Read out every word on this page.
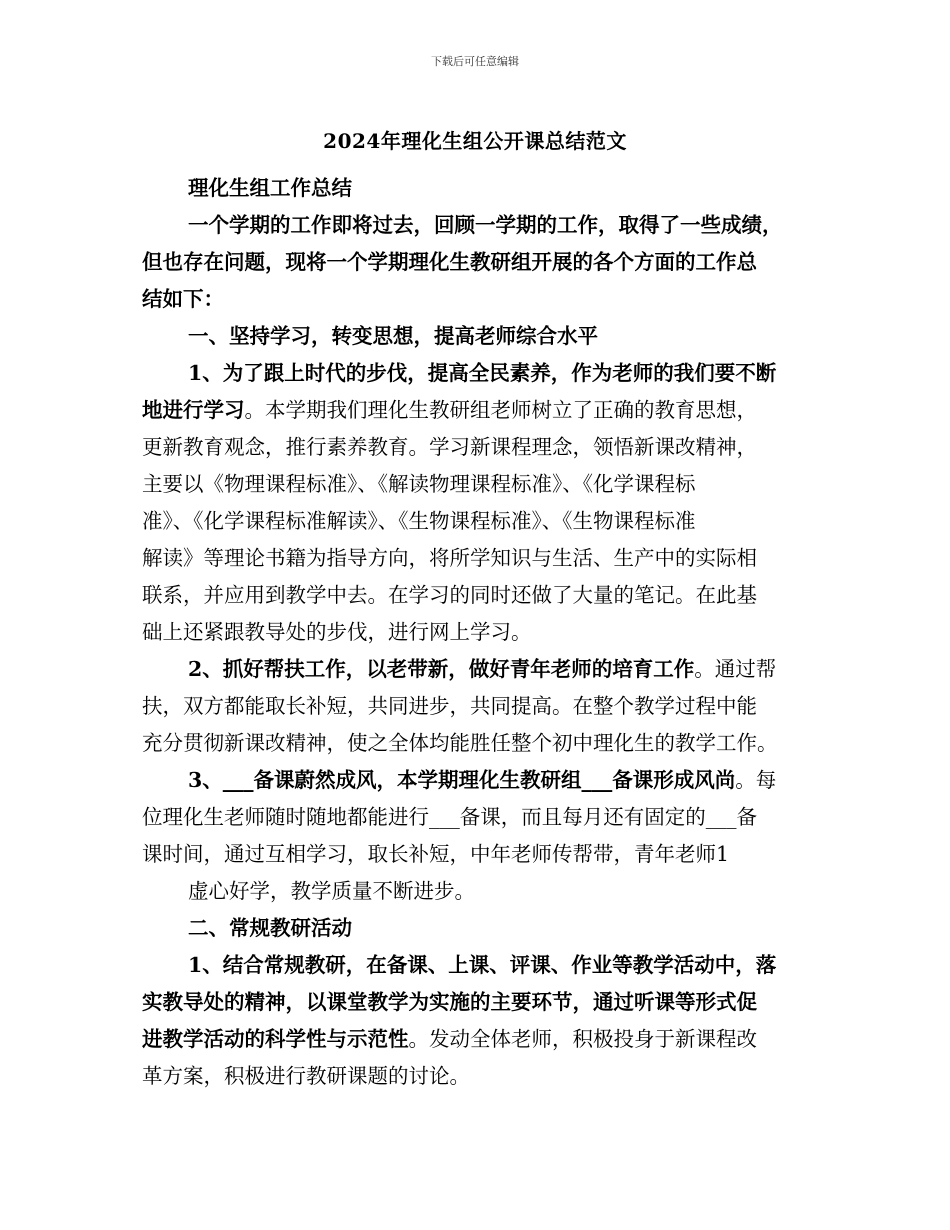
下载后可任意编辑
2024年理化生组公开课总结范文
理化生组工作总结
一个学期的工作即将过去，回顾一学期的工作，取得了一些成绩，
但也存在问题，现将一个学期理化生教研组开展的各个方面的工作总
结如下：
一、坚持学习，转变思想，提高老师综合水平
1、为了跟上时代的步伐，提高全民素养，作为老师的我们要不断
地进行学习。本学期我们理化生教研组老师树立了正确的教育思想，
更新教育观念，推行素养教育。学习新课程理念，领悟新课改精神，
主要以《物理课程标准》、《解读物理课程标准》、《化学课程标
准》、《化学课程标准解读》、《生物课程标准》、《生物课程标准
解读》等理论书籍为指导方向，将所学知识与生活、生产中的实际相
联系，并应用到教学中去。在学习的同时还做了大量的笔记。在此基
础上还紧跟教导处的步伐，进行网上学习。
2、抓好帮扶工作，以老带新，做好青年老师的培育工作。通过帮
扶，双方都能取长补短，共同进步，共同提高。在整个教学过程中能
充分贯彻新课改精神，使之全体均能胜任整个初中理化生的教学工作。
3、___备课蔚然成风，本学期理化生教研组___备课形成风尚。每
位理化生老师随时随地都能进行___备课，而且每月还有固定的___备
课时间，通过互相学习，取长补短，中年老师传帮带，青年老师1
虚心好学，教学质量不断进步。
二、常规教研活动
1、结合常规教研，在备课、上课、评课、作业等教学活动中，落
实教导处的精神，以课堂教学为实施的主要环节，通过听课等形式促
进教学活动的科学性与示范性。发动全体老师，积极投身于新课程改
革方案，积极进行教研课题的讨论。
